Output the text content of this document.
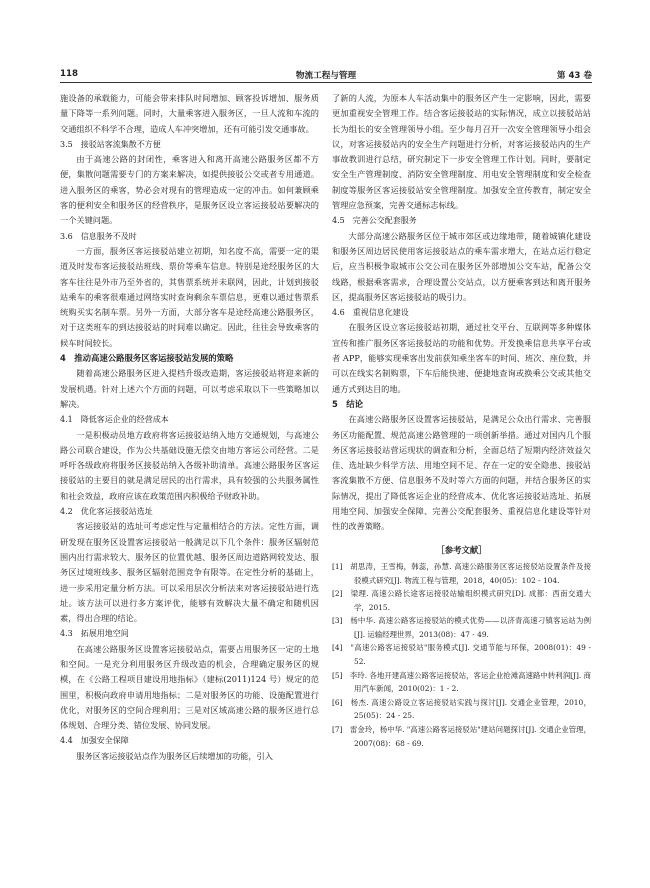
118	物流工程与管理	第 43 卷

施设备的承载能力，可能会带来排队时间增加、顾客投诉增加、服务质量下降等一系列问题。同时，大量乘客进入服务区，一旦人流和车流的交通组织不科学不合理，造成人车冲突增加，还有可能引发交通事故。

3.5　接驳站客流集散不方便

由于高速公路的封闭性，乘客进入和离开高速公路服务区都不方便，集散问题需要专门的方案来解决，如提供接驳公交或者专用通道。进入服务区的乘客，势必会对现有的管理造成一定的冲击。如何兼顾乘客的便利安全和服务区的经营秩序，是服务区设立客运接驳站要解决的一个关键问题。

3.6　信息服务不及时

一方面，服务区客运接驳站建立初期，知名度不高，需要一定的渠道及时发布客运接驳站班线、票价等乘车信息。特别是途经服务区的大客车往往是外市乃至外省的，其售票系统并未联网，因此，计划到接驳站乘车的乘客很难通过网络实时查询剩余车票信息，更难以通过售票系统购买实名制车票。另外一方面，大部分客车是途经高速公路服务区，对于这类班车的到达接驳站的时间难以确定。因此，往往会导致乘客的候车时间较长。

4　推动高速公路服务区客运接驳站发展的策略

随着高速公路服务区进入提档升级改造期，客运接驳站将迎来新的发展机遇。针对上述六个方面的问题，可以考虑采取以下一些策略加以解决。

4.1　降低客运企业的经营成本

一是积极动员地方政府将客运接驳站纳入地方交通规划，与高速公路公司联合建设，作为公共基础设施无偿交由地方客运公司经营。二是呼吁各级政府将服务区接驳站纳入各级补助清单。高速公路服务区客运接驳站的主要目的就是满足居民的出行需求，具有较强的公共服务属性和社会效益，政府应该在政策范围内积极给予财政补助。

4.2　优化客运接驳站选址

客运接驳站的选址可考虑定性与定量相结合的方法。定性方面，调研发现在服务区设置客运接驳站一般满足以下几个条件：服务区辐射范围内出行需求较大、服务区的位置优越、服务区周边道路网较发达、服务区过境班线多、服务区辐射范围竞争有限等。在定性分析的基础上，进一步采用定量分析方法。可以采用层次分析法来对客运接驳站进行选址。该方法可以进行多方案评优，能够有效解决大量不确定和随机因素，得出合理的结论。

4.3　拓展用地空间

在高速公路服务区设置客运接驳站点，需要占用服务区一定的土地和空间。一是充分利用服务区升级改造的机会，合理确定服务区的规模，在《公路工程项目建设用地指标》（建标(2011)124 号）规定的范围里，积极向政府申请用地指标；二是对服务区的功能、设施配置进行优化，对服务区的空间合理利用；三是对区域高速公路的服务区进行总体规划、合理分类、错位发展、协同发展。

4.4　加强安全保障

服务区客运接驳站点作为服务区后续增加的功能，引入

了新的人流，为原本人车活动集中的服务区产生一定影响，因此，需要更加重视安全管理工作。结合客运接驳站的实际情况，成立以接驳站站长为组长的安全管理领导小组。至少每月召开一次安全管理领导小组会议，对客运接驳站内的安全生产问题进行分析，对客运接驳站内的生产事故教训进行总结，研究制定下一步安全管理工作计划。同时，要制定安全生产管理制度、消防安全管理制度、用电安全管理制度和安全检查制度等服务区客运接驳站安全管理制度。加强安全宣传教育，制定安全管理应急预案，完善交通标志标线。

4.5　完善公交配套服务

大部分高速公路服务区位于城市郊区或边缘地带，随着城镇化建设和服务区周边居民使用客运接驳站点的乘车需求增大，在站点运行稳定后，应当积极争取城市公交公司在服务区外部增加公交车站，配备公交线路，根据乘客需求，合理设置公交站点，以方便乘客到达和离开服务区，提高服务区客运接驳站的吸引力。

4.6　重视信息化建设

在服务区设立客运接驳站初期，通过社交平台、互联网等多种媒体宣传和推广服务区客运接驳站的功能和优势。开发换乘信息共享平台或者 APP，能够实现乘客出发前获知乘坐客车的时间、班次、座位数，并可以在线实名制购票，下车后能快速、便捷地查询或换乘公交或其他交通方式到达目的地。

5　结论

在高速公路服务区设置客运接驳站，是满足公众出行需求、完善服务区功能配置、规范高速公路管理的一项创新举措。通过对国内几个服务区客运接驳站营运现状的调查和分析，全面总结了短期内经济效益欠佳、选址缺少科学方法、用地空间不足、存在一定的安全隐患、接驳站客流集散不方便、信息服务不及时等六方面的问题，并结合服务区的实际情况，提出了降低客运企业的经营成本、优化客运接驳站选址、拓展用地空间、加强安全保障、完善公交配套服务、重视信息化建设等针对性的改善策略。

［参考文献］
[1]　胡思涛，王雪梅，韩蕊，孙慧. 高速公路服务区客运接驳站设置条件及接驳模式研究[J]. 物流工程与管理，2018，40(05)：102 - 104.
[2]　梁理. 高速公路长途客运接驳站输组织模式研究[D]. 成都：西南交通大学，2015.
[3]　杨中华. 高速公路客运接驳站的模式优势——以济青高速刁镇客运站为例[J]. 运输经理世界，2013(08)：47 - 49.
[4]　"高速公路客运接驳站"服务模式[J]. 交通节能与环保，2008(01)：49 - 52.
[5]　李玲. 各地开建高速公路客运接驳站，客运企业抢滩高速路中转利润[J]. 商用汽车新闻，2010(02)：1 - 2.
[6]　杨杰. 高速公路设立客运接驳站实践与探讨[J]. 交通企业管理，2010，25(05)：24 - 25.
[7]　雷金玲，杨中华. "高速公路客运接驳站"建站问题探讨[J]. 交通企业管理，2007(08)：68 - 69.
